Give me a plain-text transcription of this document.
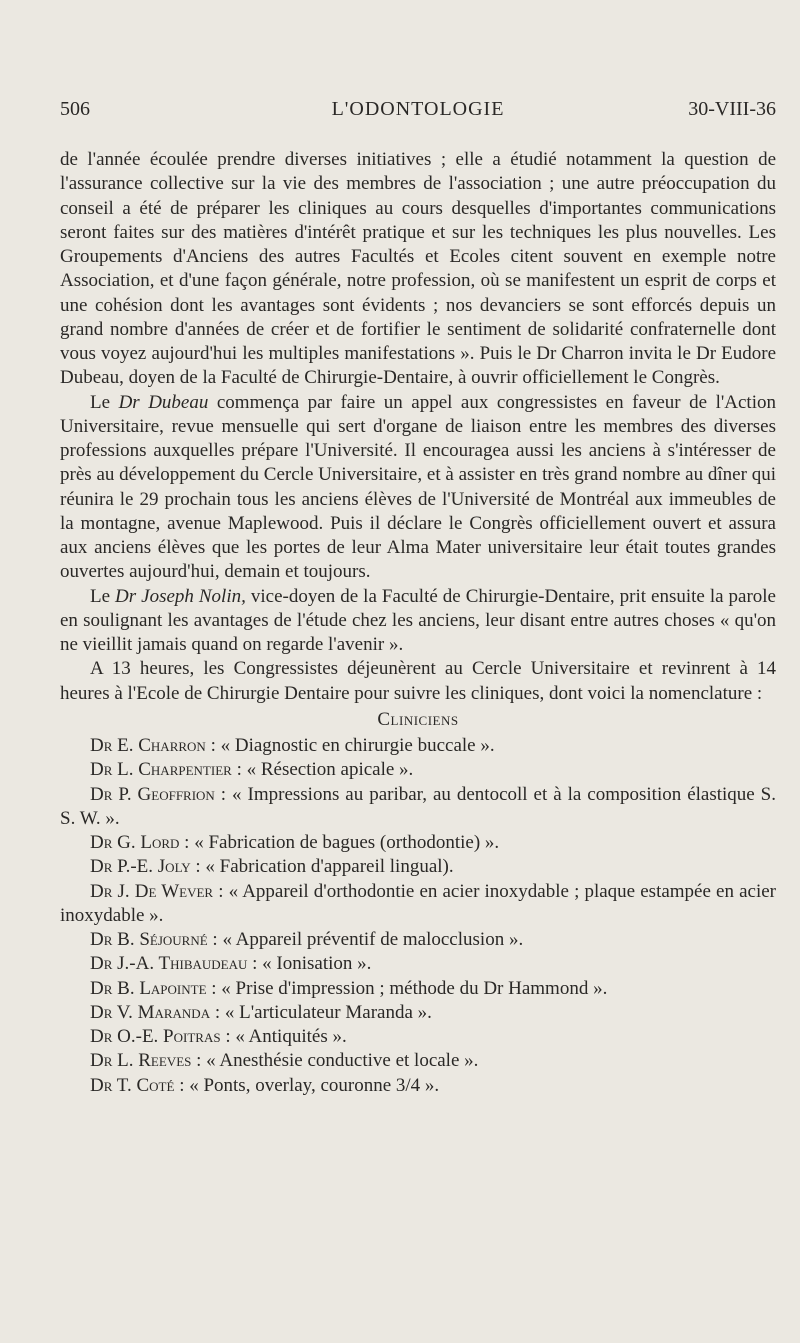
506	L'ODONTOLOGIE	30-VIII-36

de l'année écoulée prendre diverses initiatives ; elle a étudié notamment la question de l'assurance collective sur la vie des membres de l'association ; une autre préoccupation du conseil a été de préparer les cliniques au cours desquelles d'importantes communications seront faites sur des matières d'intérêt pratique et sur les techniques les plus nouvelles. Les Groupements d'Anciens des autres Facultés et Ecoles citent souvent en exemple notre Association, et d'une façon générale, notre profession, où se manifestent un esprit de corps et une cohésion dont les avantages sont évidents ; nos devanciers se sont efforcés depuis un grand nombre d'années de créer et de fortifier le sentiment de solidarité confraternelle dont vous voyez aujourd'hui les multiples manifestations ». Puis le Dr Charron invita le Dr Eudore Dubeau, doyen de la Faculté de Chirurgie-Dentaire, à ouvrir officiellement le Congrès.

Le Dr Dubeau commença par faire un appel aux congressistes en faveur de l'Action Universitaire, revue mensuelle qui sert d'organe de liaison entre les membres des diverses professions auxquelles prépare l'Université. Il encouragea aussi les anciens à s'intéresser de près au développement du Cercle Universitaire, et à assister en très grand nombre au dîner qui réunira le 29 prochain tous les anciens élèves de l'Université de Montréal aux immeubles de la montagne, avenue Maplewood. Puis il déclare le Congrès officiellement ouvert et assura aux anciens élèves que les portes de leur Alma Mater universitaire leur était toutes grandes ouvertes aujourd'hui, demain et toujours.

Le Dr Joseph Nolin, vice-doyen de la Faculté de Chirurgie-Dentaire, prit ensuite la parole en soulignant les avantages de l'étude chez les anciens, leur disant entre autres choses « qu'on ne vieillit jamais quand on regarde l'avenir ».

A 13 heures, les Congressistes déjeunèrent au Cercle Universitaire et revinrent à 14 heures à l'Ecole de Chirurgie Dentaire pour suivre les cliniques, dont voici la nomenclature :

Cliniciens

Dr E. Charron : « Diagnostic en chirurgie buccale ».

Dr L. Charpentier : « Résection apicale ».

Dr P. Geoffrion : « Impressions au paribar, au dentocoll et à la composition élastique S. S. W. ».

Dr G. Lord : « Fabrication de bagues (orthodontie) ».

Dr P.-E. Joly : « Fabrication d'appareil lingual).

Dr J. De Wever : « Appareil d'orthodontie en acier inoxydable ; plaque estampée en acier inoxydable ».

Dr B. Séjourné : « Appareil préventif de malocclusion ».

Dr J.-A. Thibaudeau : « Ionisation ».

Dr B. Lapointe : « Prise d'impression ; méthode du Dr Hammond ».

Dr V. Maranda : « L'articulateur Maranda ».

Dr O.-E. Poitras : « Antiquités ».

Dr L. Reeves : « Anesthésie conductive et locale ».

Dr T. Coté : « Ponts, overlay, couronne 3/4 ».
